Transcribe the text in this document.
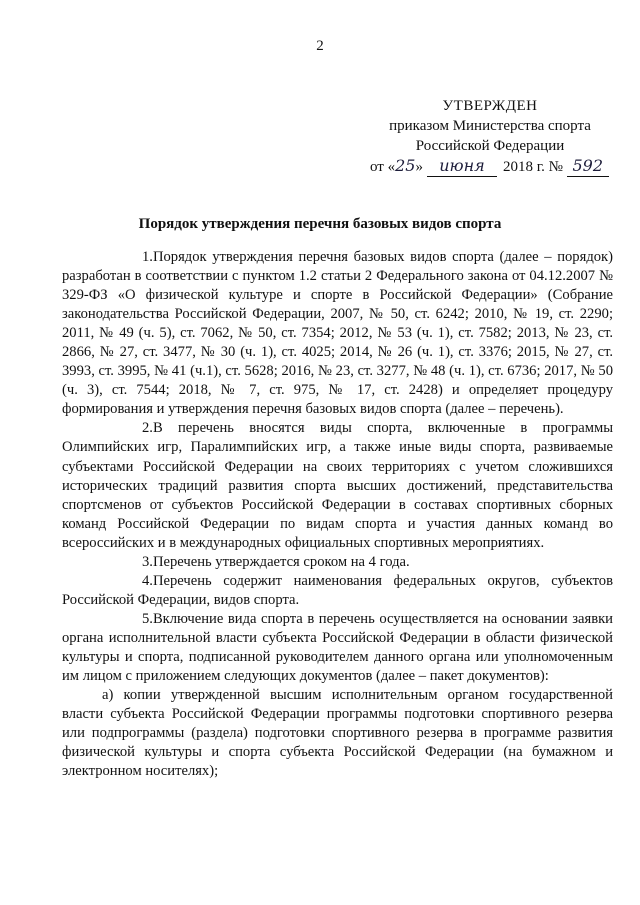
2
УТВЕРЖДЕН
приказом Министерства спорта
Российской Федерации
от «25» июня 2018 г. № 592
Порядок утверждения перечня базовых видов спорта

1.Порядок утверждения перечня базовых видов спорта (далее – порядок) разработан в соответствии с пунктом 1.2 статьи 2 Федерального закона от 04.12.2007 № 329-ФЗ «О физической культуре и спорте в Российской Федерации» (Собрание законодательства Российской Федерации, 2007, № 50, ст. 6242; 2010, № 19, ст. 2290; 2011, № 49 (ч. 5), ст. 7062, № 50, ст. 7354; 2012, № 53 (ч. 1), ст. 7582; 2013, № 23, ст. 2866, № 27, ст. 3477, № 30 (ч. 1), ст. 4025; 2014, № 26 (ч. 1), ст. 3376; 2015, № 27, ст. 3993, ст. 3995, № 41 (ч.1), ст. 5628; 2016, № 23, ст. 3277, № 48 (ч. 1), ст. 6736; 2017, № 50 (ч. 3), ст. 7544; 2018, № 7, ст. 975, № 17, ст. 2428) и определяет процедуру формирования и утверждения перечня базовых видов спорта (далее – перечень).

2.В перечень вносятся виды спорта, включенные в программы Олимпийских игр, Паралимпийских игр, а также иные виды спорта, развиваемые субъектами Российской Федерации на своих территориях с учетом сложившихся исторических традиций развития спорта высших достижений, представительства спортсменов от субъектов Российской Федерации в составах спортивных сборных команд Российской Федерации по видам спорта и участия данных команд во всероссийских и в международных официальных спортивных мероприятиях.

3.Перечень утверждается сроком на 4 года.

4.Перечень содержит наименования федеральных округов, субъектов Российской Федерации, видов спорта.

5.Включение вида спорта в перечень осуществляется на основании заявки органа исполнительной власти субъекта Российской Федерации в области физической культуры и спорта, подписанной руководителем данного органа или уполномоченным им лицом с приложением следующих документов (далее – пакет документов):

а) копии утвержденной высшим исполнительным органом государственной власти субъекта Российской Федерации программы подготовки спортивного резерва или подпрограммы (раздела) подготовки спортивного резерва в программе развития физической культуры и спорта субъекта Российской Федерации (на бумажном и электронном носителях);
